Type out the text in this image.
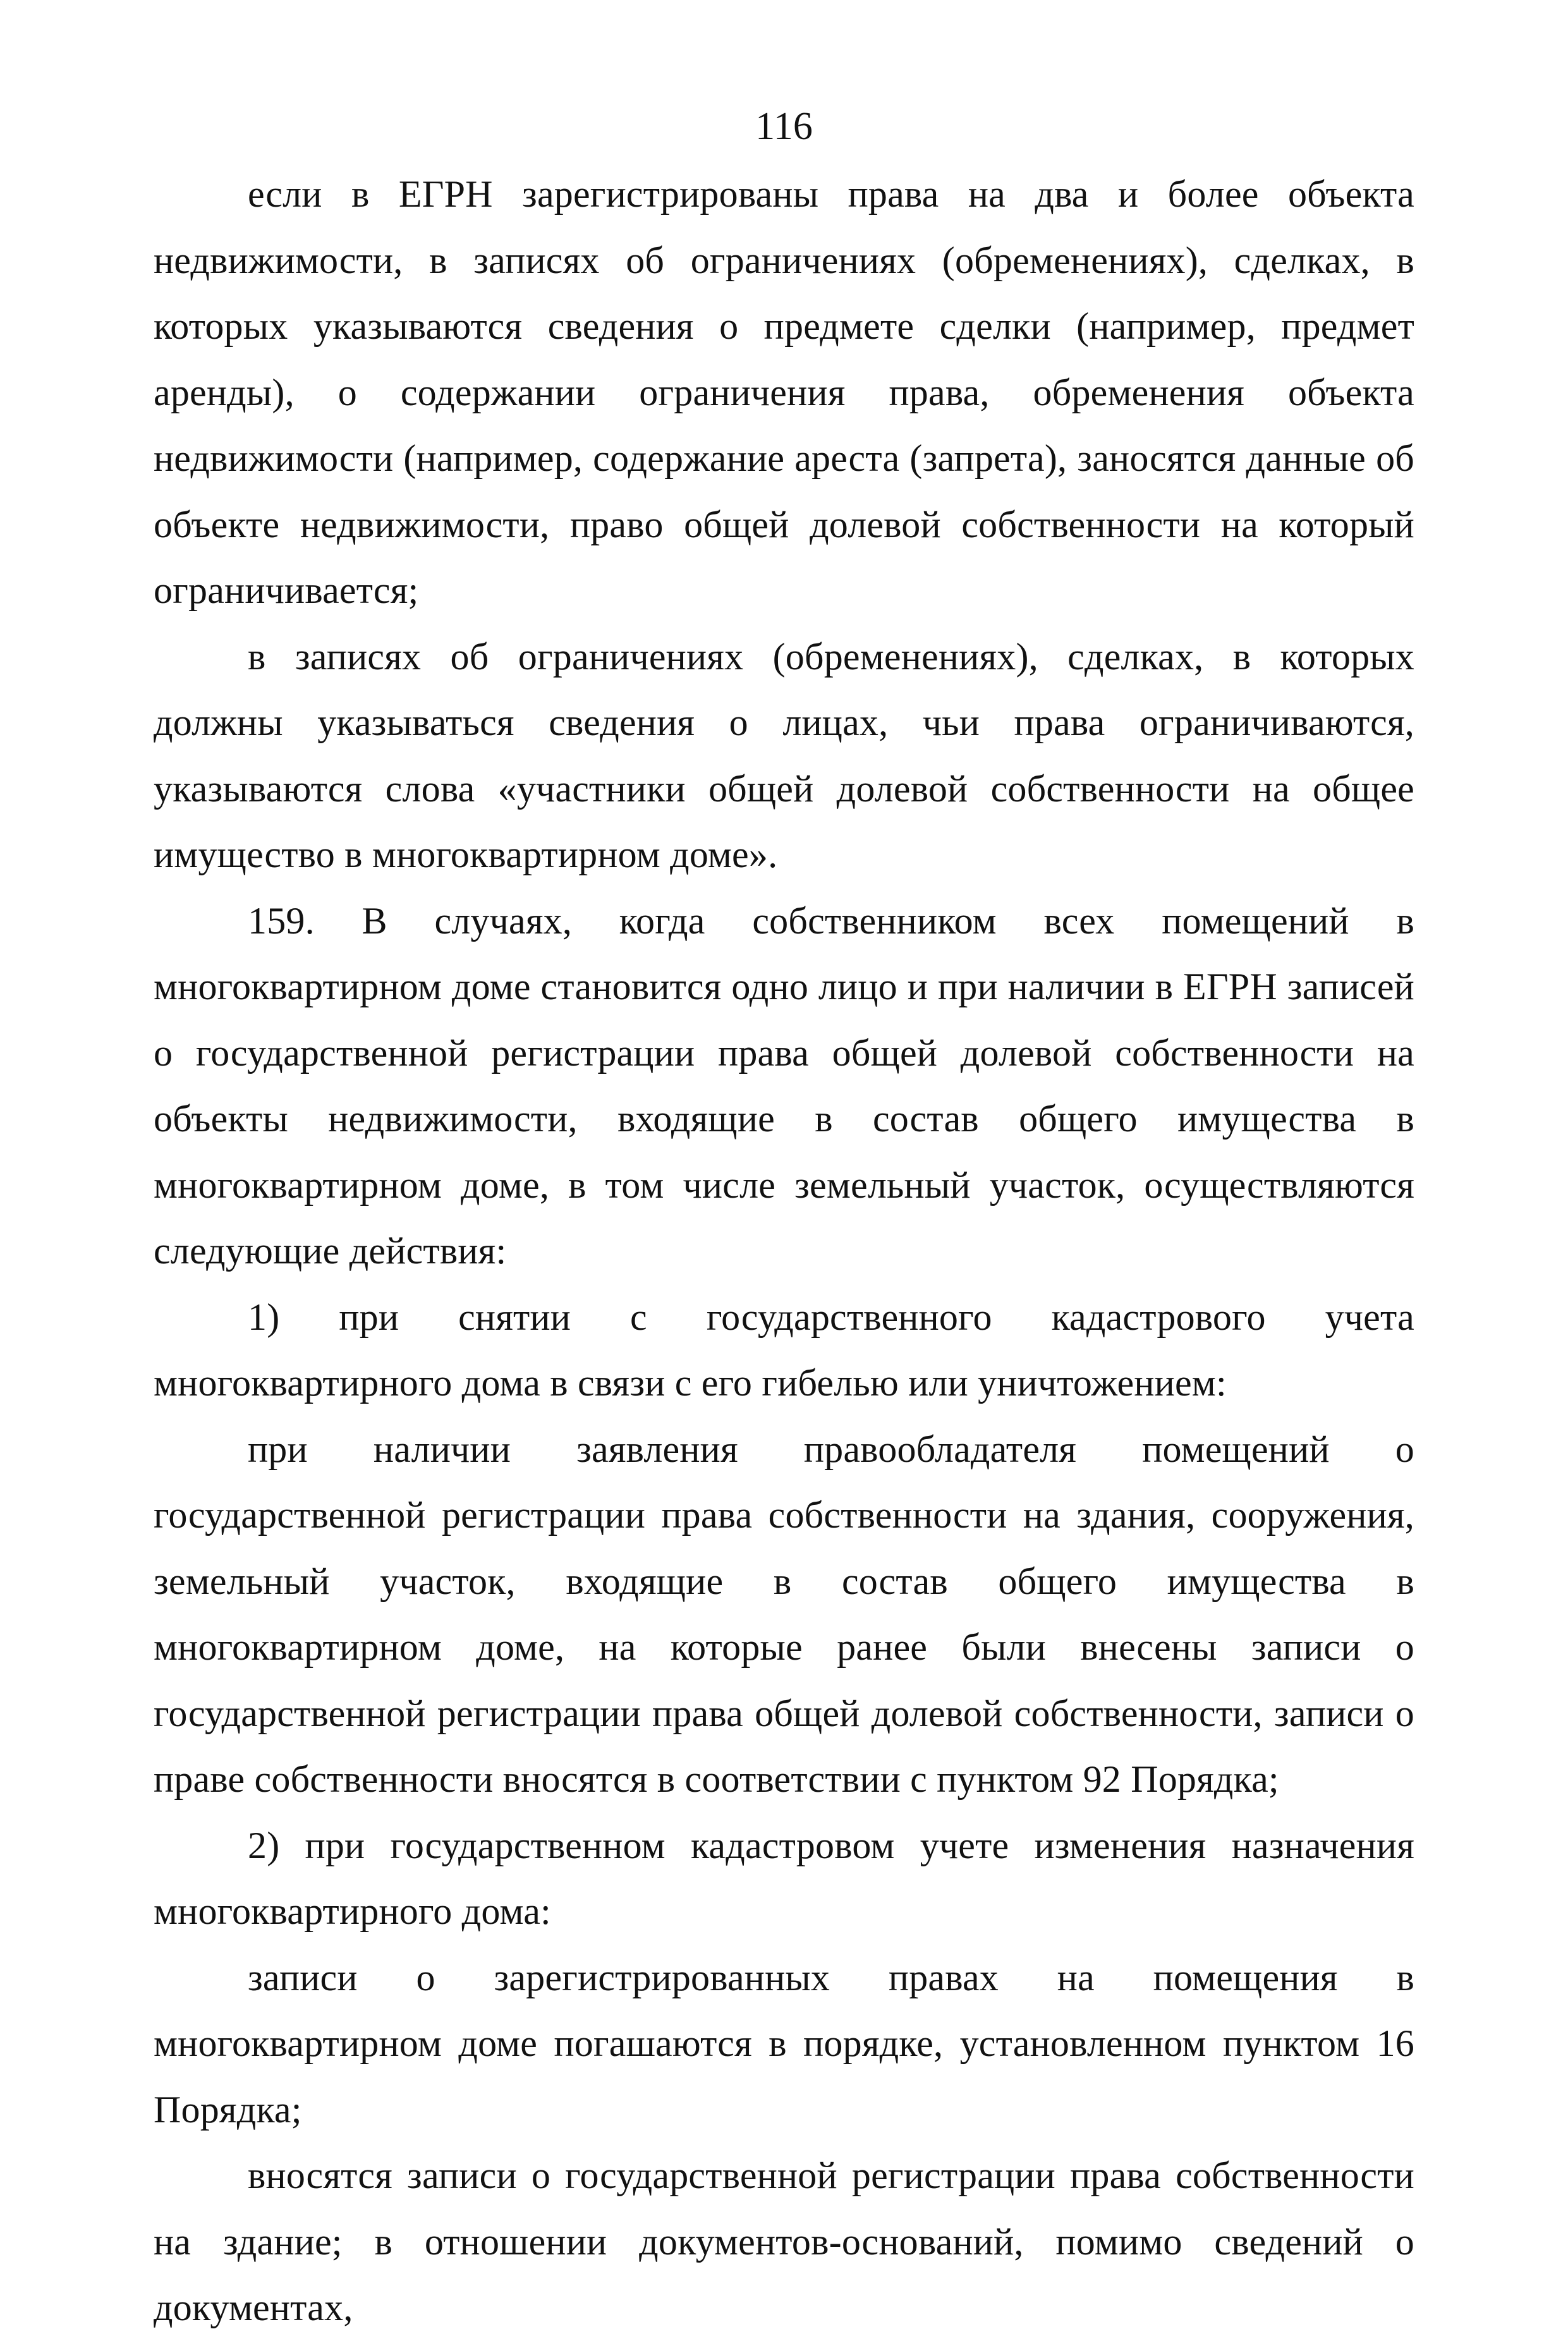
116

если в ЕГРН зарегистрированы права на два и более объекта недвижимости, в записях об ограничениях (обременениях), сделках, в которых указываются сведения о предмете сделки (например, предмет аренды), о содержании ограничения права, обременения объекта недвижимости (например, содержание ареста (запрета), заносятся данные об объекте недвижимости, право общей долевой собственности на который ограничивается;

в записях об ограничениях (обременениях), сделках, в которых должны указываться сведения о лицах, чьи права ограничиваются, указываются слова «участники общей долевой собственности на общее имущество в многоквартирном доме».

159. В случаях, когда собственником всех помещений в многоквартирном доме становится одно лицо и при наличии в ЕГРН записей о государственной регистрации права общей долевой собственности на объекты недвижимости, входящие в состав общего имущества в многоквартирном доме, в том числе земельный участок, осуществляются следующие действия:

1) при снятии с государственного кадастрового учета многоквартирного дома в связи с его гибелью или уничтожением:

при наличии заявления правообладателя помещений о государственной регистрации права собственности на здания, сооружения, земельный участок, входящие в состав общего имущества в многоквартирном доме, на которые ранее были внесены записи о государственной регистрации права общей долевой собственности, записи о праве собственности вносятся в соответствии с пунктом 92 Порядка;

2) при государственном кадастровом учете изменения назначения многоквартирного дома:

записи о зарегистрированных правах на помещения в многоквартирном доме погашаются в порядке, установленном пунктом 16 Порядка;

вносятся записи о государственной регистрации права собственности на здание; в отношении документов-оснований, помимо сведений о документах,
